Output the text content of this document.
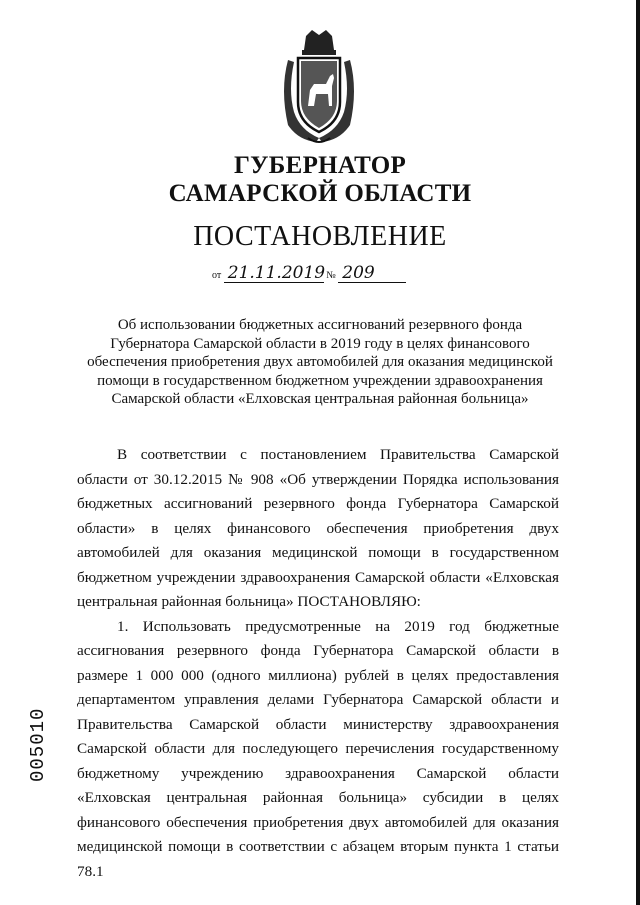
ГУБЕРНАТОР
САМАРСКОЙ ОБЛАСТИ
ПОСТАНОВЛЕНИЕ
от 21.11.2019 № 209
Об использовании бюджетных ассигнований резервного фонда Губернатора Самарской области в 2019 году в целях финансового обеспечения приобретения двух автомобилей для оказания медицинской помощи в государственном бюджетном учреждении здравоохранения Самарской области «Елховская центральная районная больница»

В соответствии с постановлением Правительства Самарской области от 30.12.2015 № 908 «Об утверждении Порядка использования бюджетных ассигнований резервного фонда Губернатора Самарской области» в целях финансового обеспечения приобретения двух автомобилей для оказания медицинской помощи в государственном бюджетном учреждении здравоохранения Самарской области «Елховская центральная районная больница» ПОСТАНОВЛЯЮ:

1. Использовать предусмотренные на 2019 год бюджетные ассигнования резервного фонда Губернатора Самарской области в размере 1 000 000 (одного миллиона) рублей в целях предоставления департаментом управления делами Губернатора Самарской области и Правительства Самарской области министерству здравоохранения Самарской области для последующего перечисления государственному бюджетному учреждению здравоохранения Самарской области «Елховская центральная районная больница» субсидии в целях финансового обеспечения приобретения двух автомобилей для оказания медицинской помощи в соответствии с абзацем вторым пункта 1 статьи 78.1

005010
